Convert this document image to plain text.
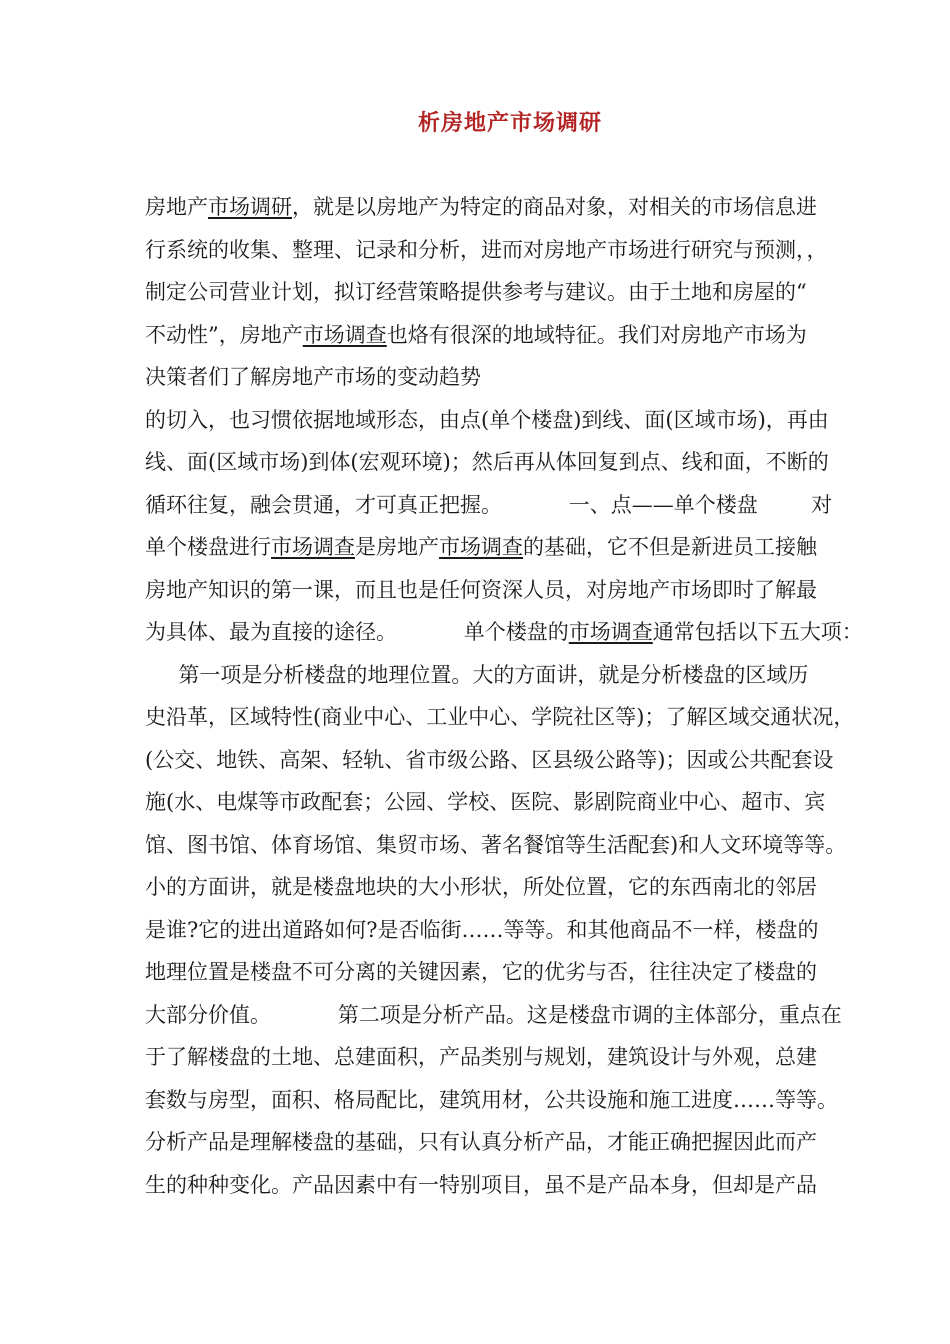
析房地产市场调研
房地产市场调研，就是以房地产为特定的商品对象，对相关的市场信息进
行系统的收集、整理、记录和分析，进而对房地产市场进行研究与预测，，
制定公司营业计划，拟订经营策略提供参考与建议。由于土地和房屋的“
不动性”，房地产市场调查也烙有很深的地域特征。我们对房地产市场为
决策者们了解房地产市场的变动趋势
的切入，也习惯依据地域形态，由点(单个楼盘)到线、面(区域市场)，再由
线、面(区域市场)到体(宏观环境)；然后再从体回复到点、线和面，不断的
循环往复，融会贯通，才可真正把握。          一、点——单个楼盘        对
单个楼盘进行市场调查是房地产市场调查的基础，它不但是新进员工接触
房地产知识的第一课，而且也是任何资深人员，对房地产市场即时了解最
为具体、最为直接的途径。          单个楼盘的市场调查通常包括以下五大项：
第一项是分析楼盘的地理位置。大的方面讲，就是分析楼盘的区域历
史沿革，区域特性(商业中心、工业中心、学院社区等)；了解区域交通状况，
(公交、地铁、高架、轻轨、省市级公路、区县级公路等)；因或公共配套设
施(水、电煤等市政配套；公园、学校、医院、影剧院商业中心、超市、宾
馆、图书馆、体育场馆、集贸市场、著名餐馆等生活配套)和人文环境等等。
小的方面讲，就是楼盘地块的大小形状，所处位置，它的东西南北的邻居
是谁?它的进出道路如何?是否临街……等等。和其他商品不一样，楼盘的
地理位置是楼盘不可分离的关键因素，它的优劣与否，往往决定了楼盘的
大部分价值。          第二项是分析产品。这是楼盘市调的主体部分，重点在
于了解楼盘的土地、总建面积，产品类别与规划，建筑设计与外观，总建
套数与房型，面积、格局配比，建筑用材，公共设施和施工进度……等等。
分析产品是理解楼盘的基础，只有认真分析产品，才能正确把握因此而产
生的种种变化。产品因素中有一特别项目，虽不是产品本身，但却是产品
